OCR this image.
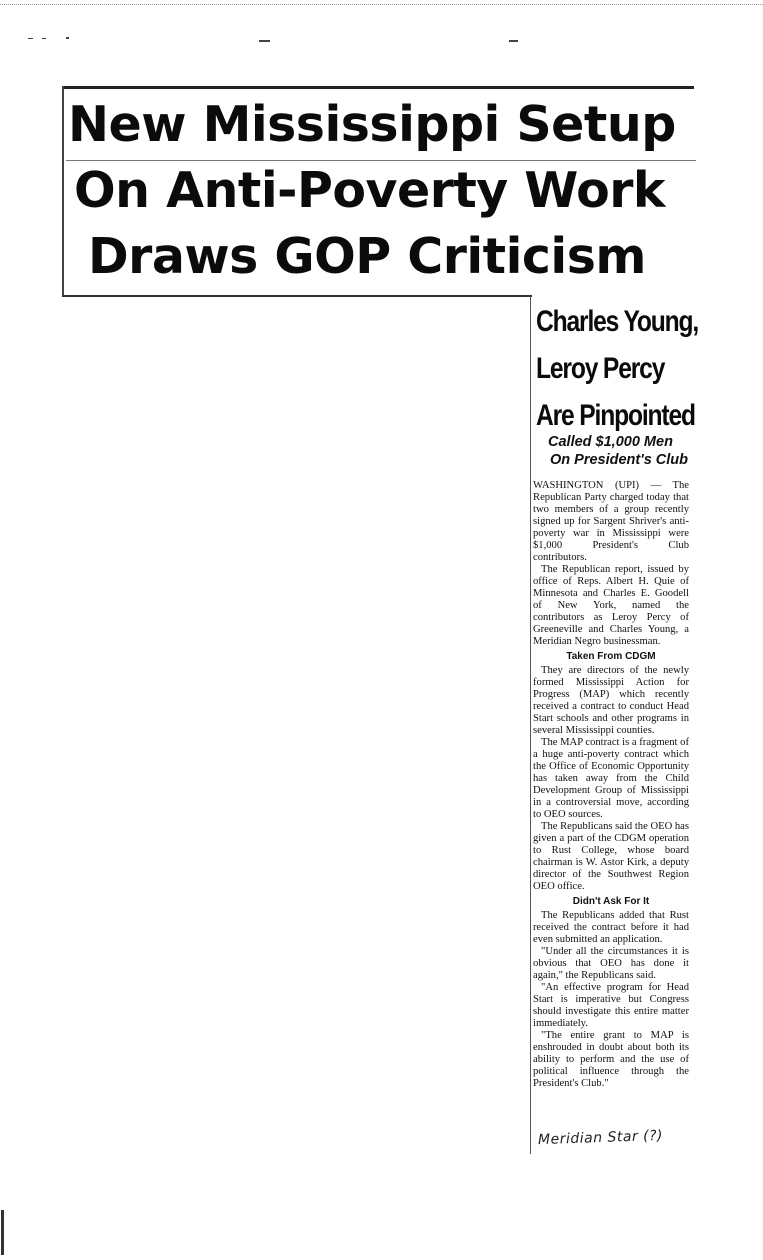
New Mississippi Setup
On Anti-Poverty Work
Draws GOP Criticism
Charles Young,
Leroy Percy
Are Pinpointed
Called $1,000 Men
On President's Club

WASHINGTON (UPI) — The Republican Party charged today that two members of a group recently signed up for Sargent Shriver's anti-poverty war in Mississippi were $1,000 President's Club contributors.

The Republican report, issued by office of Reps. Albert H. Quie of Minnesota and Charles E. Goodell of New York, named the contributors as Leroy Percy of Greeneville and Charles Young, a Meridian Negro businessman.

Taken From CDGM

They are directors of the newly formed Mississippi Action for Progress (MAP) which recently received a contract to conduct Head Start schools and other programs in several Mississippi counties.

The MAP contract is a fragment of a huge anti-poverty contract which the Office of Economic Opportunity has taken away from the Child Development Group of Mississippi in a controversial move, according to OEO sources.

The Republicans said the OEO has given a part of the CDGM operation to Rust College, whose board chairman is W. Astor Kirk, a deputy director of the Southwest Region OEO office.

Didn't Ask For It

The Republicans added that Rust received the contract before it had even submitted an application.

"Under all the circumstances it is obvious that OEO has done it again," the Republicans said.

"An effective program for Head Start is imperative but Congress should investigate this entire matter immediately.

"The entire grant to MAP is enshrouded in doubt about both its ability to perform and the use of political influence through the President's Club."

Meridian Star (?)
